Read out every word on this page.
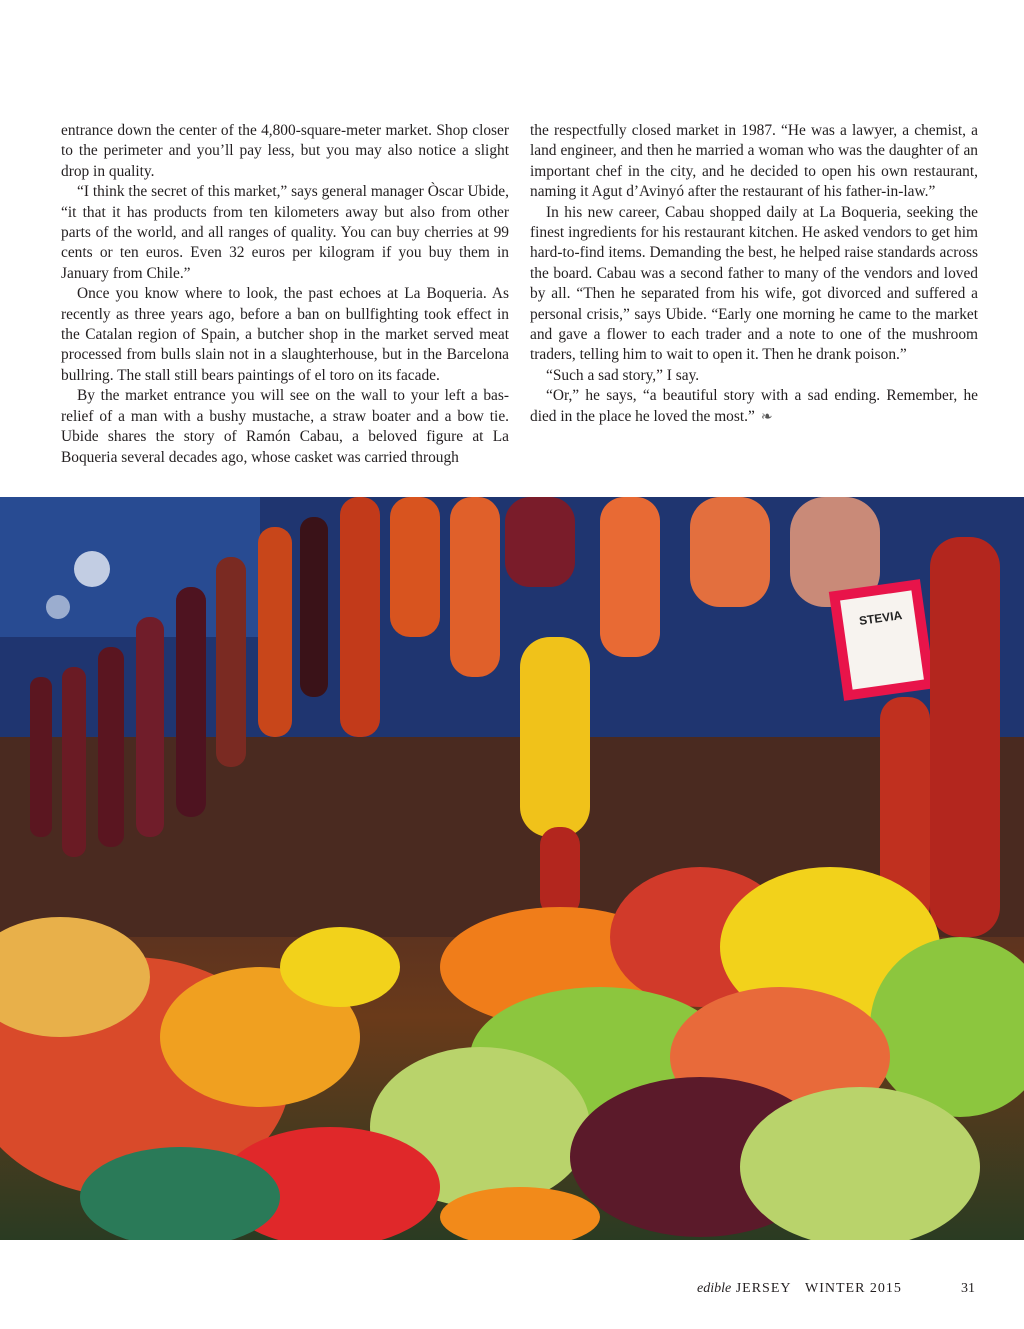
entrance down the center of the 4,800-square-meter market. Shop closer to the perimeter and you’ll pay less, but you may also notice a slight drop in quality.

“I think the secret of this market,” says general manager Òscar Ubide, “it that it has products from ten kilometers away but also from other parts of the world, and all ranges of quality. You can buy cherries at 99 cents or ten euros. Even 32 euros per kilogram if you buy them in January from Chile.”

Once you know where to look, the past echoes at La Boqueria. As recently as three years ago, before a ban on bullfighting took effect in the Catalan region of Spain, a butcher shop in the market served meat processed from bulls slain not in a slaughterhouse, but in the Barcelona bullring. The stall still bears paintings of el toro on its facade.

By the market entrance you will see on the wall to your left a bas-relief of a man with a bushy mustache, a straw boater and a bow tie. Ubide shares the story of Ramón Cabau, a beloved figure at La Boqueria several decades ago, whose casket was carried through

the respectfully closed market in 1987. “He was a lawyer, a chemist, a land engineer, and then he married a woman who was the daughter of an important chef in the city, and he decided to open his own restaurant, naming it Agut d’Avinyó after the restaurant of his father-in-law.”

In his new career, Cabau shopped daily at La Boqueria, seeking the finest ingredients for his restaurant kitchen. He asked vendors to get him hard-to-find items. Demanding the best, he helped raise standards across the board. Cabau was a second father to many of the vendors and loved by all. “Then he separated from his wife, got divorced and suffered a personal crisis,” says Ubide. “Early one morning he came to the market and gave a flower to each trader and a note to one of the mushroom traders, telling him to wait to open it. Then he drank poison.”

“Such a sad story,” I say.

“Or,” he says, “a beautiful story with a sad ending. Remember, he died in the place he loved the most.” ❧

STEVIA
edible JERSEY WINTER 2015	31
